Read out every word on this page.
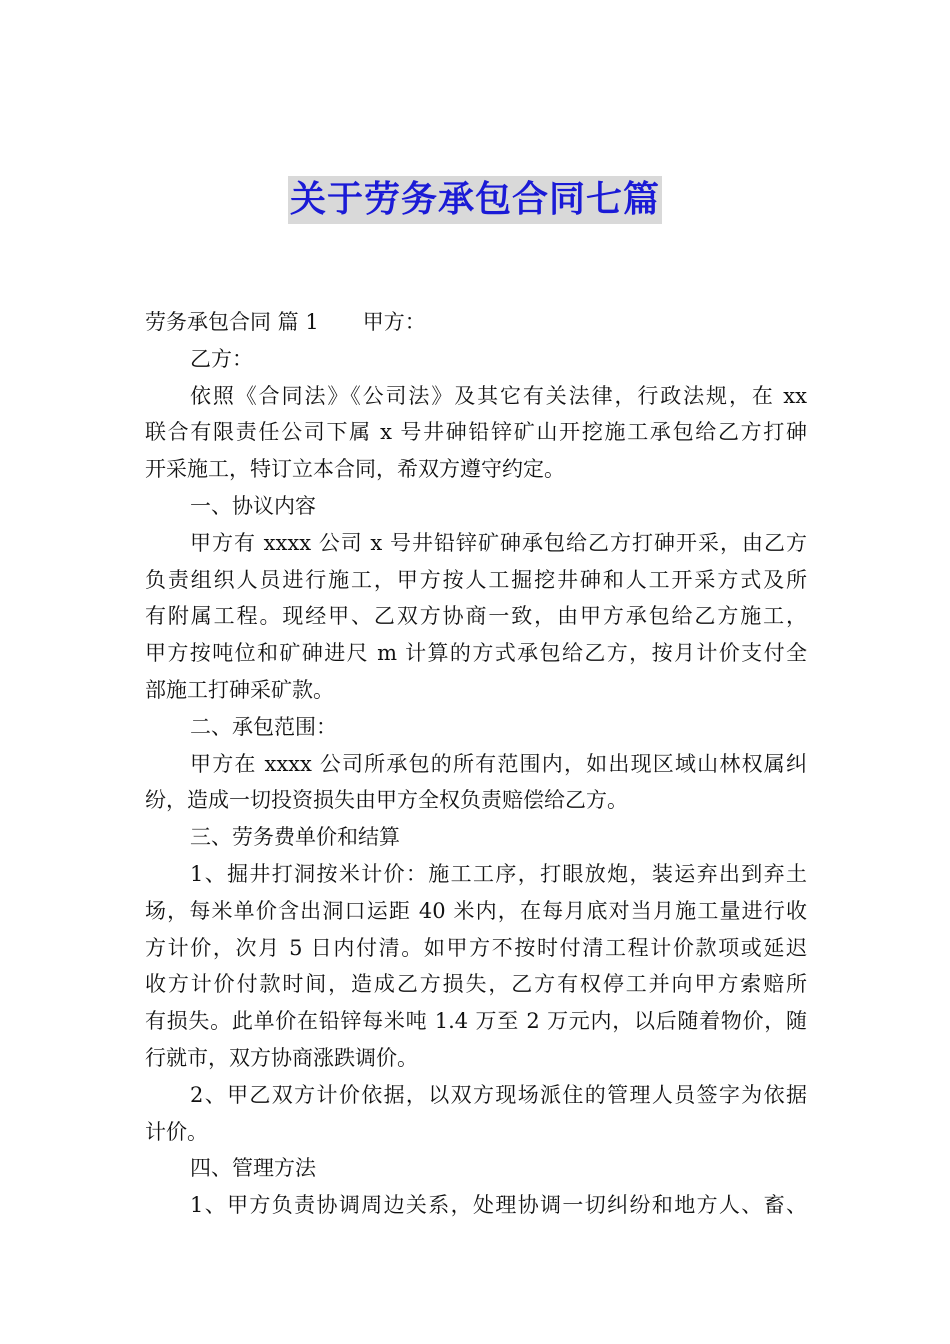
关于劳务承包合同七篇
劳务承包合同 篇 1 甲方：
乙方：
依照《合同法》《公司法》及其它有关法律，行政法规，在 xx
联合有限责任公司下属 x 号井砷铅锌矿山开挖施工承包给乙方打砷
开采施工，特订立本合同，希双方遵守约定。
一、协议内容
甲方有 xxxx 公司 x 号井铅锌矿砷承包给乙方打砷开采，由乙方
负责组织人员进行施工，甲方按人工掘挖井砷和人工开采方式及所
有附属工程。现经甲、乙双方协商一致，由甲方承包给乙方施工，
甲方按吨位和矿砷进尺 m 计算的方式承包给乙方，按月计价支付全
部施工打砷采矿款。
二、承包范围：
甲方在 xxxx 公司所承包的所有范围内，如出现区域山林权属纠
纷，造成一切投资损失由甲方全权负责赔偿给乙方。
三、劳务费单价和结算
1、掘井打洞按米计价：施工工序，打眼放炮，装运弃出到弃土
场，每米单价含出洞口运距 40 米内，在每月底对当月施工量进行收
方计价，次月 5 日内付清。如甲方不按时付清工程计价款项或延迟
收方计价付款时间，造成乙方损失，乙方有权停工并向甲方索赔所
有损失。此单价在铅锌每米吨 1.4 万至 2 万元内，以后随着物价，随
行就市，双方协商涨跌调价。
2、甲乙双方计价依据，以双方现场派住的管理人员签字为依据
计价。
四、管理方法
1、甲方负责协调周边关系，处理协调一切纠纷和地方人、畜、
